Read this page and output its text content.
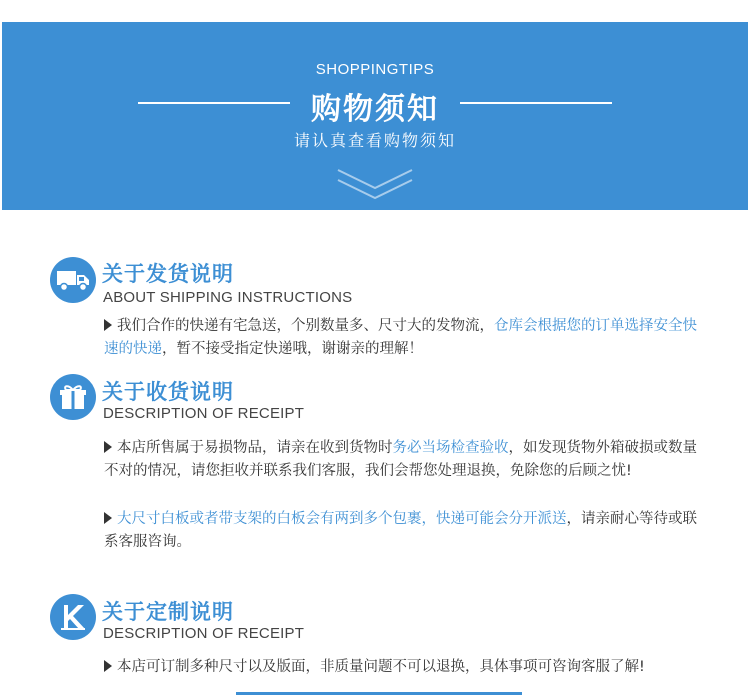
SHOPPINGTIPS
购物须知
请认真查看购物须知
关于发货说明
ABOUT SHIPPING INSTRUCTIONS
我们合作的快递有宅急送，个别数量多、尺寸大的发物流，仓库会根据您的订单选择安全快速的快递，暂不接受指定快递哦，谢谢亲的理解！
关于收货说明
DESCRIPTION OF RECEIPT
本店所售属于易损物品，请亲在收到货物时务必当场检查验收，如发现货物外箱破损或数量不对的情况，请您拒收并联系我们客服，我们会帮您处理退换，免除您的后顾之忧!
大尺寸白板或者带支架的白板会有两到多个包裹，快递可能会分开派送，请亲耐心等待或联系客服咨询。
关于定制说明
DESCRIPTION OF RECEIPT
本店可订制多种尺寸以及版面，非质量问题不可以退换，具体事项可咨询客服了解!
